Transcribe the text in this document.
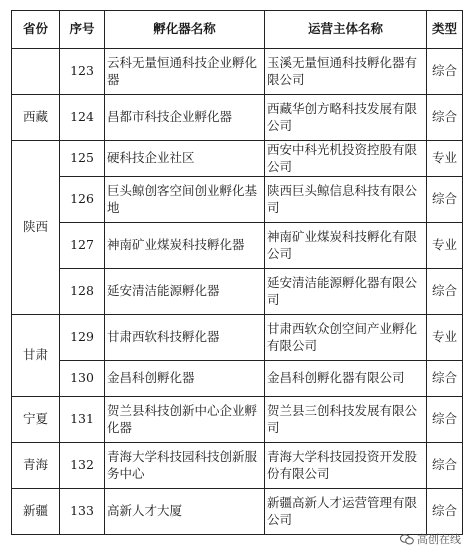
省份	序号	孵化器名称	运营主体名称	类型
	123	云科无量恒通科技企业孵化器	玉溪无量恒通科技孵化器有限公司	综合
西藏	124	昌都市科技企业孵化器	西藏华创方略科技发展有限公司	综合
陕西	125	硬科技企业社区	西安中科光机投资控股有限公司	专业
	126	巨头鲸创客空间创业孵化基地	陕西巨头鲸信息科技有限公司	综合
	127	神南矿业煤炭科技孵化器	神南矿业煤炭科技孵化有限公司	专业
	128	延安清洁能源孵化器	延安清洁能源孵化器有限公司	综合
甘肃	129	甘肃西软科技孵化器	甘肃西软众创空间产业孵化有限公司	专业
	130	金昌科创孵化器	金昌科创孵化器有限公司	综合
宁夏	131	贺兰县科技创新中心企业孵化器	贺兰县三创科技发展有限公司	综合
青海	132	青海大学科技园科技创新服务中心	青海大学科技园投资开发股份有限公司	综合
新疆	133	高新人才大厦	新疆高新人才运营管理有限公司	综合
高创在线
